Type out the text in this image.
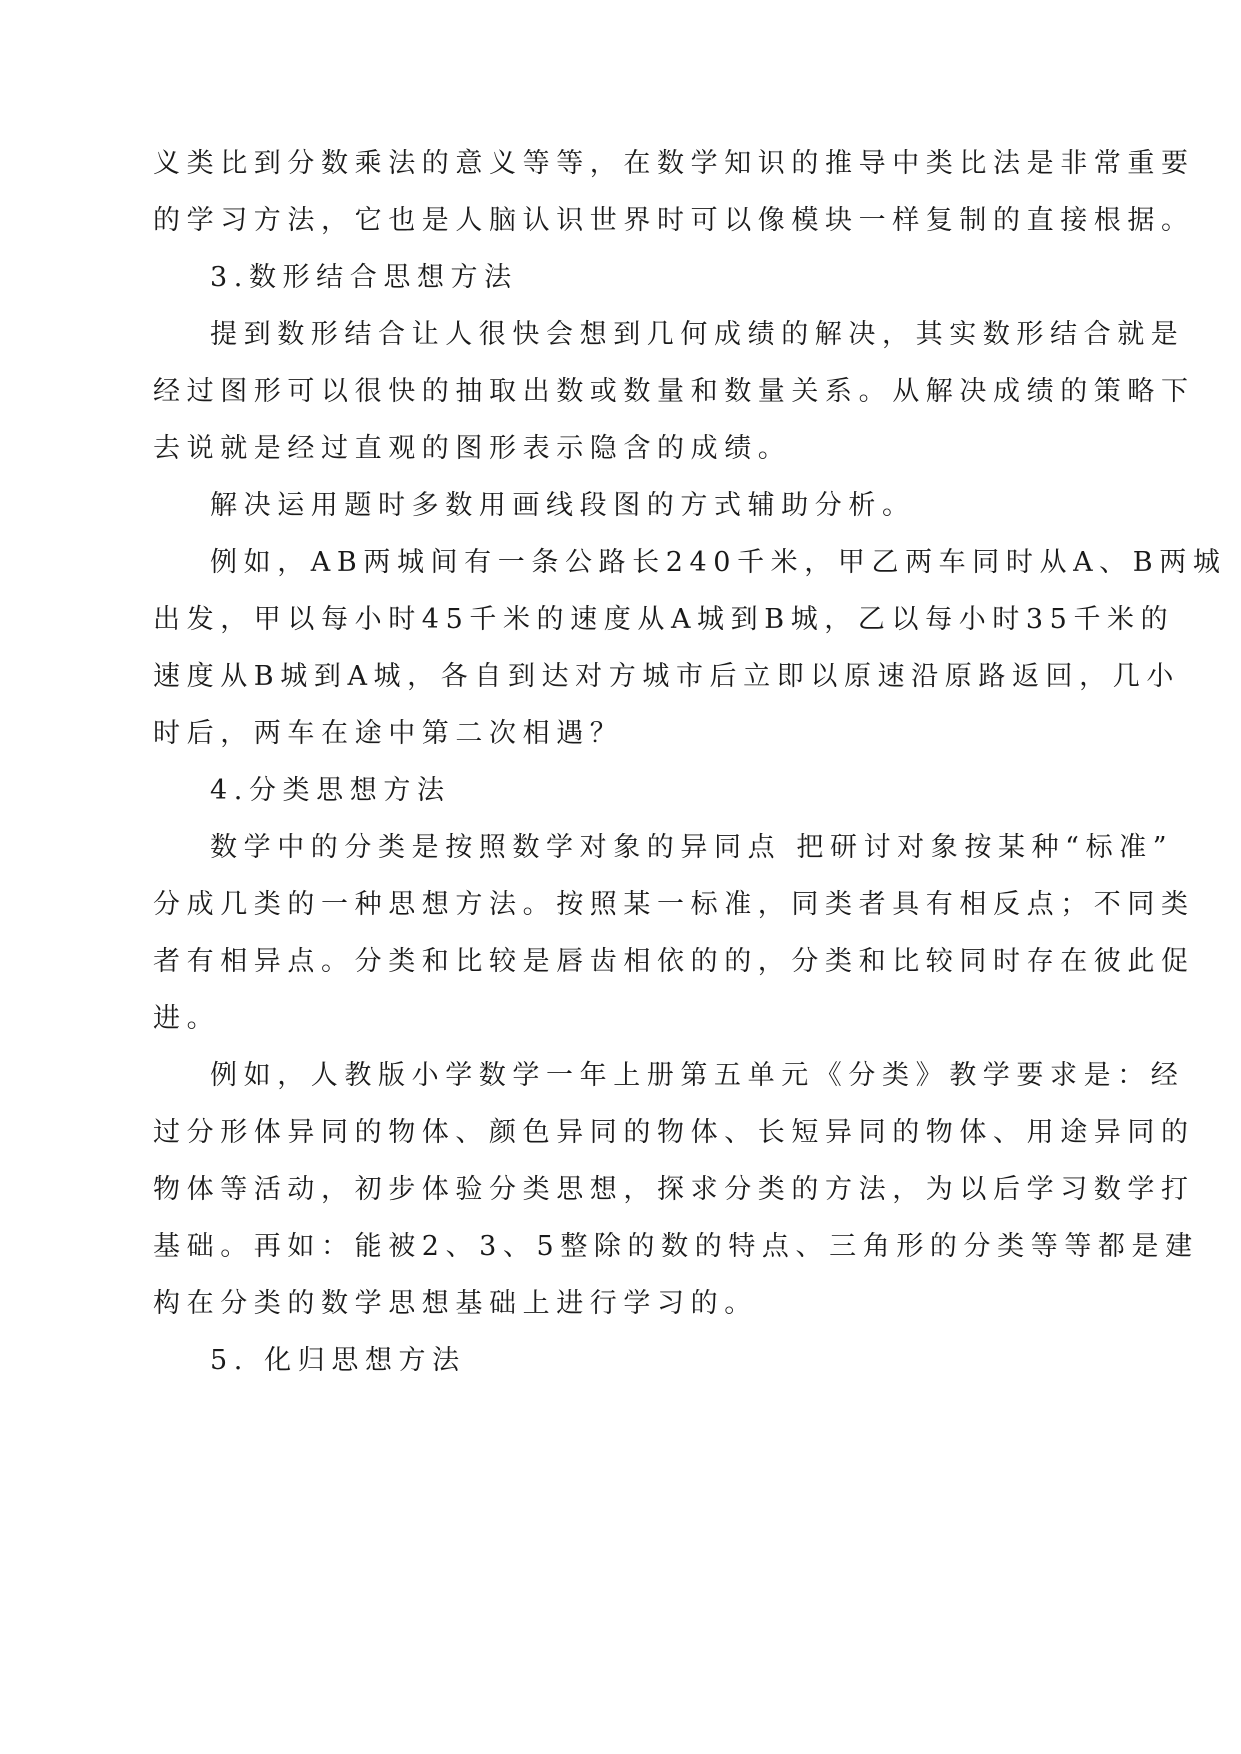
义类比到分数乘法的意义等等，在数学知识的推导中类比法是非常重要
的学习方法，它也是人脑认识世界时可以像模块一样复制的直接根据。
3.数形结合思想方法
提到数形结合让人很快会想到几何成绩的解决，其实数形结合就是
经过图形可以很快的抽取出数或数量和数量关系。从解决成绩的策略下
去说就是经过直观的图形表示隐含的成绩。
解决运用题时多数用画线段图的方式辅助分析。
例如，AB两城间有一条公路长240千米，甲乙两车同时从A、B两城
出发，甲以每小时45千米的速度从A城到B城，乙以每小时35千米的
速度从B城到A城，各自到达对方城市后立即以原速沿原路返回，几小
时后，两车在途中第二次相遇？
4.分类思想方法
数学中的分类是按照数学对象的异同点 把研讨对象按某种“标准”
分成几类的一种思想方法。按照某一标准，同类者具有相反点；不同类
者有相异点。分类和比较是唇齿相依的的，分类和比较同时存在彼此促
进。
例如，人教版小学数学一年上册第五单元《分类》教学要求是：经
过分形体异同的物体、颜色异同的物体、长短异同的物体、用途异同的
物体等活动，初步体验分类思想，探求分类的方法，为以后学习数学打
基础。再如：能被2、3、5整除的数的特点、三角形的分类等等都是建
构在分类的数学思想基础上进行学习的。
5. 化归思想方法
